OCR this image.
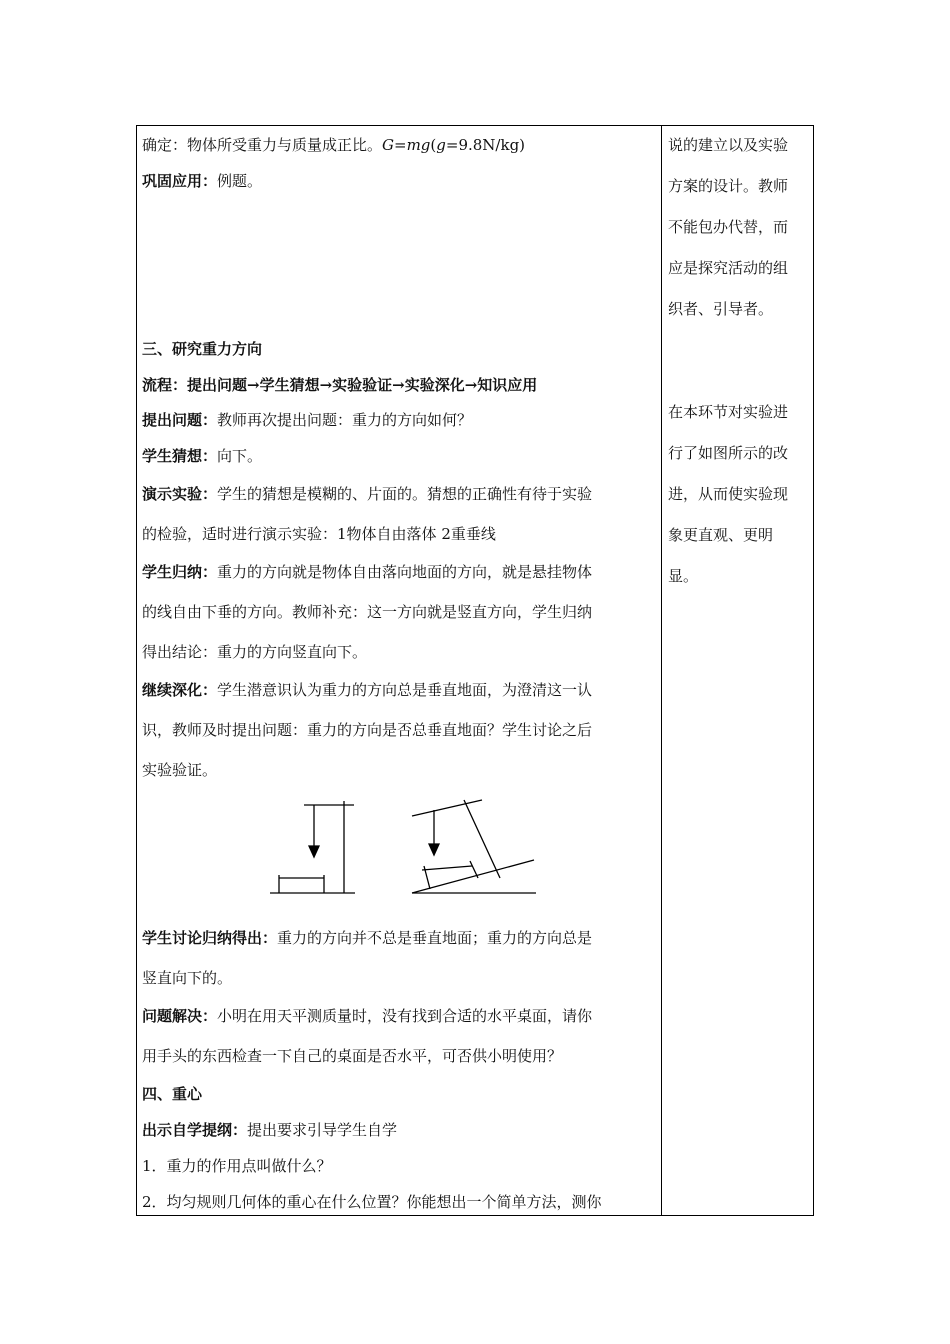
确定：物体所受重力与质量成正比。G=mg(g=9.8N/kg)
巩固应用：例题。
三、研究重力方向
流程：提出问题→学生猜想→实验验证→实验深化→知识应用
提出问题：教师再次提出问题：重力的方向如何？
学生猜想：向下。
演示实验：学生的猜想是模糊的、片面的。猜想的正确性有待于实验
的检验，适时进行演示实验：1物体自由落体 2重垂线
学生归纳：重力的方向就是物体自由落向地面的方向，就是悬挂物体
的线自由下垂的方向。教师补充：这一方向就是竖直方向，学生归纳
得出结论：重力的方向竖直向下。
继续深化：学生潜意识认为重力的方向总是垂直地面，为澄清这一认
识，教师及时提出问题：重力的方向是否总垂直地面？学生讨论之后
实验验证。
学生讨论归纳得出：重力的方向并不总是垂直地面；重力的方向总是
竖直向下的。
问题解决：小明在用天平测质量时，没有找到合适的水平桌面，请你
用手头的东西检查一下自己的桌面是否水平，可否供小明使用？
四、重心
出示自学提纲：提出要求引导学生自学
1．重力的作用点叫做什么？
2．均匀规则几何体的重心在什么位置？你能想出一个简单方法，测你
说的建立以及实验
方案的设计。教师
不能包办代替，而
应是探究活动的组
织者、引导者。
在本环节对实验进
行了如图所示的改
进，从而使实验现
象更直观、更明
显。
